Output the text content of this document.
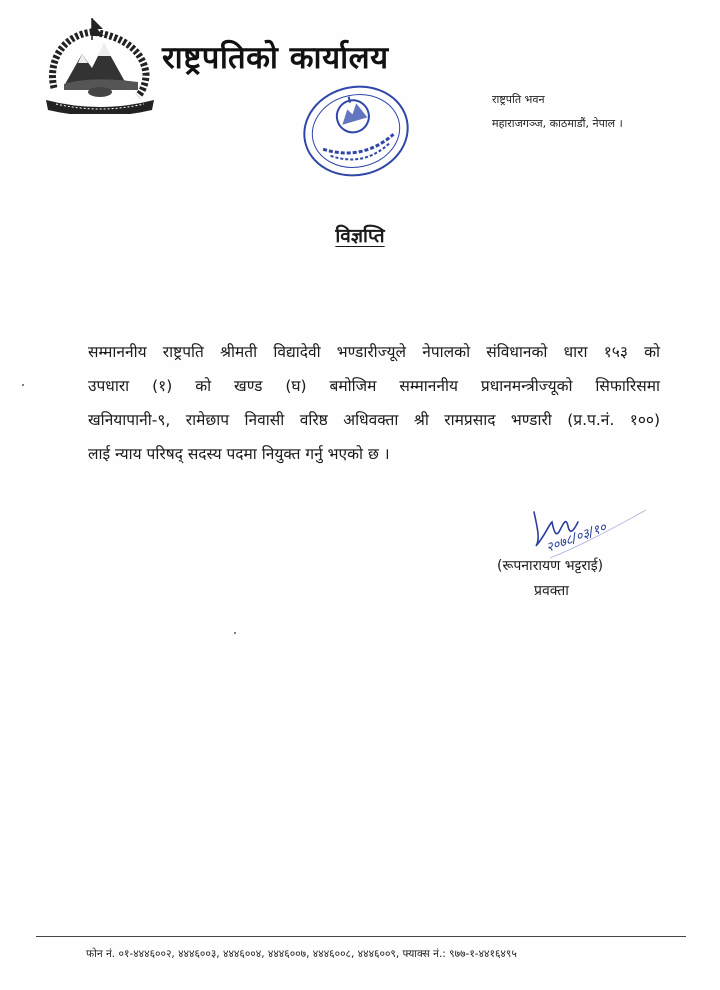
राष्ट्रपतिको कार्यालय
राष्ट्रपति भवन
महाराजगञ्ज, काठमाडौं, नेपाल ।
विज्ञप्ति
सम्माननीय राष्ट्रपति श्रीमती विद्यादेवी भण्डारीज्यूले नेपालको संविधानको धारा १५३ को
उपधारा (१) को खण्ड (घ) बमोजिम सम्माननीय प्रधानमन्त्रीज्यूको सिफारिसमा
खनियापानी-९, रामेछाप निवासी वरिष्ठ अधिवक्ता श्री रामप्रसाद भण्डारी (प्र.प.नं. १००)
लाई न्याय परिषद् सदस्य पदमा नियुक्त गर्नु भएको छ ।
२०७८/०३/१०
(रूपनारायण भट्टराई)
प्रवक्ता
फोन नं. ०१-४४४६००२, ४४४६००३, ४४४६००४, ४४४६००७, ४४४६००८, ४४४६००९, फ्याक्स नं.: ९७७-१-४४१६४९५
